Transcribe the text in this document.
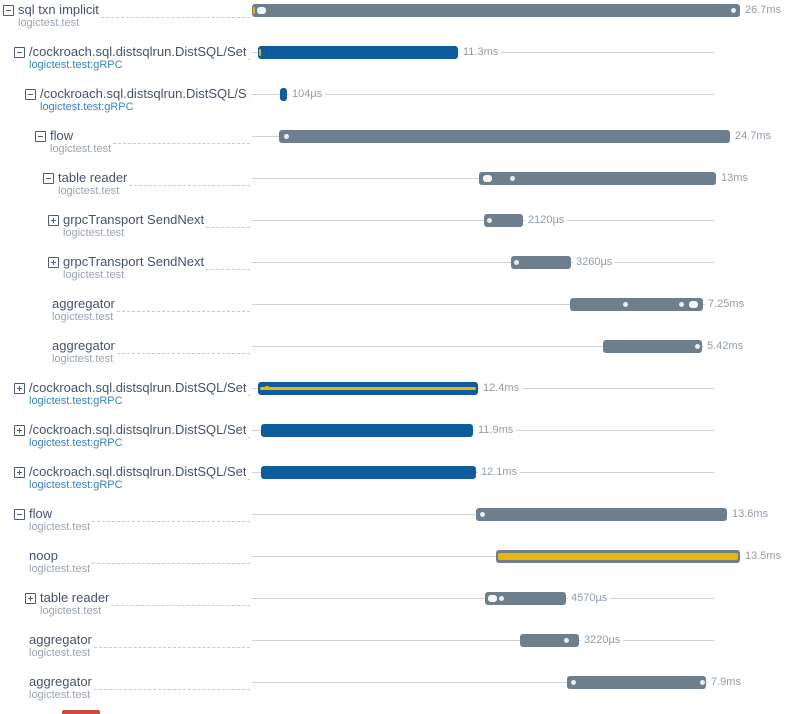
sql txn implicit
logictest.test
26.7ms
/cockroach.sql.distsqlrun.DistSQL/Set
logictest.test:gRPC
11.3ms
/cockroach.sql.distsqlrun.DistSQL/S
logictest.test:gRPC
104µs
flow
logictest.test
24.7ms
table reader
logictest.test
13ms
grpcTransport SendNext
logictest.test
2120µs
grpcTransport SendNext
logictest.test
3260µs
aggregator
logictest.test
7.25ms
aggregator
logictest.test
5.42ms
/cockroach.sql.distsqlrun.DistSQL/Set
logictest.test:gRPC
12.4ms
/cockroach.sql.distsqlrun.DistSQL/Set
logictest.test:gRPC
11.9ms
/cockroach.sql.distsqlrun.DistSQL/Set
logictest.test:gRPC
12.1ms
flow
logictest.test
13.6ms
noop
logictest.test
13.5ms
table reader
logictest.test
4570µs
aggregator
logictest.test
3220µs
aggregator
logictest.test
7.9ms
